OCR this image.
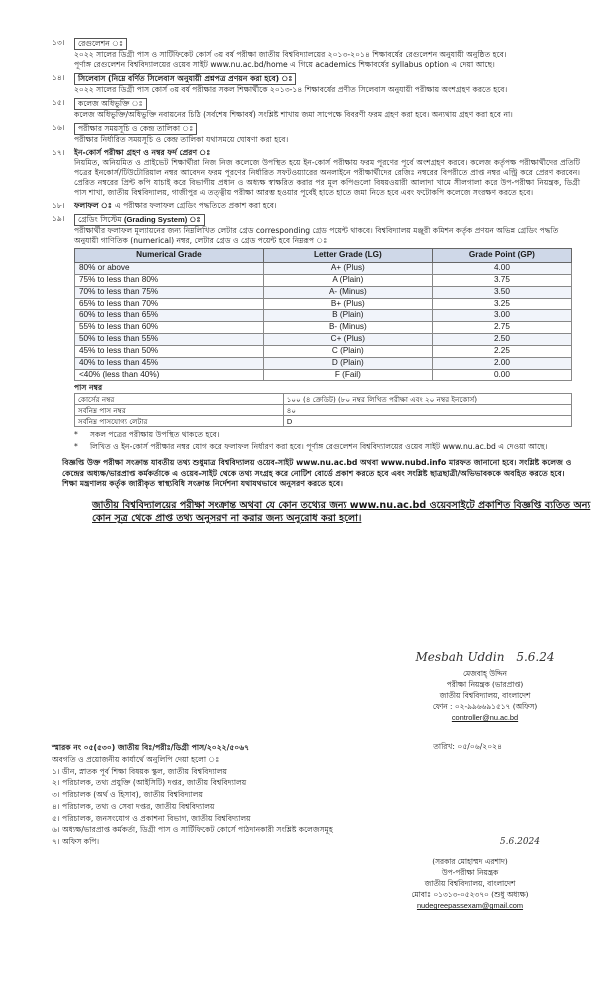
১৩।	রেগুলেশন ঃ
২০২২ সালের ডিগ্রী পাস ও সার্টিফিকেট কোর্স ৩য় বর্ষ পরীক্ষা জাতীয় বিশ্ববিদ্যালয়ের ২০১৩-২০১৪ শিক্ষাবর্ষের রেগুলেশন অনুযায়ী অনুষ্ঠিত হবে।
পূর্ণাঙ্গ রেগুলেশন বিশ্ববিদ্যালয়ের ওয়েব সাইট www.nu.ac.bd/home এ গিয়ে academics শিক্ষাবর্ষের syllabus option এ দেয়া আছে।
১৪।	সিলেবাস (নিম্নে বর্ণিত সিলেবাস অনুযায়ী প্রশ্নপত্র প্রণয়ন করা হবে) ঃ
২০২২ সালের ডিগ্রী পাস কোর্স ৩য় বর্ষ পরীক্ষার সকল শিক্ষার্থীকে ২০১৩-১৪ শিক্ষাবর্ষের প্রণীত সিলেবাস অনুযায়ী পরীক্ষায় অংশগ্রহণ করতে হবে।
১৫।	কলেজ অধিভুক্তি ঃ
কলেজ অধিভুক্তি/অধিভুক্তি নবায়নের চিঠি (সর্বশেষ শিক্ষাবর্ষ) সংশ্লিষ্ট শাখায় জমা সাপেক্ষে বিবরণী ফরম গ্রহণ করা হবে। অন্যথায় গ্রহণ করা হবে না।
১৬।	পরীক্ষার সময়সূচি ও কেন্দ্র তালিকা ঃ
পরীক্ষার নির্ধারিত সময়সূচি ও কেন্দ্র তালিকা যথাসময়ে ঘোষণা করা হবে।
১৭।	ইন-কোর্স পরীক্ষা গ্রহণ ও নম্বর ফর্দ প্রেরণ ঃ
নিয়মিত, অনিয়মিত ও প্রাইভেট শিক্ষার্থীরা নিজ নিজ কলেজে উপস্থিত হয়ে ইন-কোর্স পরীক্ষায় ফরম পূরণের পূর্বে অংশগ্রহণ করবে। কলেজ কর্তৃপক্ষ পরীক্ষার্থীদের প্রতিটি পত্রের ইনকোর্স/টিউটোরিয়াল নম্বর আবেদন ফরম পূরণের নির্ধারিত সফটওয়্যারের অনলাইনে পরীক্ষার্থীদের রেজিঃ নম্বরের বিপরীতে প্রাপ্ত নম্বর এন্ট্রি করে প্রেরণ করবেন। প্রেরিত নম্বরের প্রিন্ট কপি যাচাই করে বিভাগীয় প্রধান ও অধ্যক্ষ স্বাক্ষরিত করার পর মূল কপিগুলো বিষয়ওয়ারী আলাদা খামে সীলগালা করে উপ-পরীক্ষা নিয়ন্ত্রক, ডিগ্রী পাস শাখা, জাতীয় বিশ্ববিদ্যালয়, গাজীপুর এ তত্ত্বীয় পরীক্ষা আরম্ভ হওয়ার পূর্বেই হাতে হাতে জমা নিতে হবে এবং ফটোকপি কলেজে সংরক্ষণ করতে হবে।
১৮।	ফলাফল ঃ এ পরীক্ষার ফলাফল গ্রেডিং পদ্ধতিতে প্রকাশ করা হবে।
১৯।	গ্রেডিং সিস্টেম (Grading System) ঃ
পরীক্ষার্থীর ফলাফল মূল্যায়নের জন্য নিম্নলিখিত লেটার গ্রেড corresponding গ্রেড পয়েন্ট থাকবে। বিশ্ববিদ্যালয় মঞ্জুরী কমিশন কর্তৃক প্রণয়ন অভিন্ন গ্রেডিং পদ্ধতি অনুযায়ী গাণিতিক (numerical) নম্বর, লেটার গ্রেড ও গ্রেড পয়েন্ট হবে নিম্নরূপ ঃ
Numerical Grade	Letter Grade (LG)	Grade Point (GP)
80% or above	A+ (Plus)	4.00
75% to less than 80%	A (Plain)	3.75
70% to less than 75%	A- (Minus)	3.50
65% to less than 70%	B+ (Plus)	3.25
60% to less than 65%	B (Plain)	3.00
55% to less than 60%	B- (Minus)	2.75
50% to less than 55%	C+ (Plus)	2.50
45% to less than 50%	C (Plain)	2.25
40% to less than 45%	D (Plain)	2.00
<40% (less than 40%)	F (Fail)	0.00
পাস নম্বর
কোর্সের নম্বর	১০০ (৪ ক্রেডিট) (৮০ নম্বর লিখিত পরীক্ষা এবং ২০ নম্বর ইনকোর্স)
সর্বনিম্ন পাস নম্বর	৪০
সর্বনিম্ন পাসযোগ্য লেটার	D
*	সকল পত্রের পরীক্ষায় উপস্থিত থাকতে হবে।
*	লিখিত ও ইন-কোর্স পরীক্ষার নম্বর যোগ করে ফলাফল নির্ধারণ করা হবে। পূর্ণাঙ্গ রেগুলেশন বিশ্ববিদ্যালয়ের ওয়েব সাইট www.nu.ac.bd এ দেওয়া আছে।
বিজ্ঞপ্তি উক্ত পরীক্ষা সংক্রান্ত যাবতীয় তথ্য শুধুমাত্র বিশ্ববিদ্যালয় ওয়েব-সাইট www.nu.ac.bd অথবা www.nubd.info মারফত জানানো হবে। সংশ্লিষ্ট কলেজ ও কেন্দ্রের অধ্যক্ষ/ভারপ্রাপ্ত কর্মকর্তাকে এ ওয়েব-সাইট থেকে তথ্য সংগ্রহ করে নোটিশ বোর্ডে প্রকাশ করতে হবে এবং সংশ্লিষ্ট ছাত্রছাত্রী/অভিভাবককে অবহিত করতে হবে। শিক্ষা মন্ত্রণালয় কর্তৃক জারীকৃত স্বাস্থ্যবিধি সংক্রান্ত নির্দেশনা যথাযথভাবে অনুসরণ করতে হবে।
জাতীয় বিশ্ববিদ্যালয়ের পরীক্ষা সংক্রান্ত অথবা যে কোন তথ্যের জন্য www.nu.ac.bd ওয়েবসাইটে প্রকাশিত বিজ্ঞপ্তি ব্যতিত অন্য কোন সূত্র থেকে প্রাপ্ত তথ্য অনুসরণ না করার জন্য অনুরোধ করা হলো।
Mesbah Uddin 5.6.24
মেজবাহ্ উদ্দিন
পরীক্ষা নিয়ন্ত্রক (ভারপ্রাপ্ত)
জাতীয় বিশ্ববিদ্যালয়, বাংলাদেশ
ফোন : ০২-৯৯৬৬৯১৫১৭ (অফিস)
controller@nu.ac.bd
স্মারক নং ০৫(৫৩০) জাতীয় বিঃ/পরীঃ/ডিগ্রী পাস/২০২২/৫০৬৭
অবগতি ও প্রয়োজনীয় কার্যার্থে অনুলিপি দেয়া হলো ঃ
১। ডীন, স্নাতক পূর্ব শিক্ষা বিষয়ক স্কুল, জাতীয় বিশ্ববিদ্যালয়
২। পরিচালক, তথ্য প্রযুক্তি (আইসিটি) দপ্তর, জাতীয় বিশ্ববিদ্যালয়
৩। পরিচালক (অর্থ ও হিসাব), জাতীয় বিশ্ববিদ্যালয়
৪। পরিচালক, তথ্য ও সেবা দপ্তর, জাতীয় বিশ্ববিদ্যালয়
৫। পরিচালক, জনসংযোগ ও প্রকাশনা বিভাগ, জাতীয় বিশ্ববিদ্যালয়
৬। অধ্যক্ষ/ভারপ্রাপ্ত কর্মকর্তা, ডিগ্রী পাস ও সার্টিফিকেট কোর্সে পাঠদানকারী সংশ্লিষ্ট কলেজসমূহ
৭। অফিস কপি।
তারিখ: ০৫/০৬/২০২৪
5.6.2024
(সরকার মোহাম্মদ এরশাদ)
উপ-পরীক্ষা নিয়ন্ত্রক
জাতীয় বিশ্ববিদ্যালয়, বাংলাদেশ
মোবাঃ ০১৩১৩-০৫২৩৭০ (শুধু অধ্যক্ষ)
nudegreepassexam@gmail.com
